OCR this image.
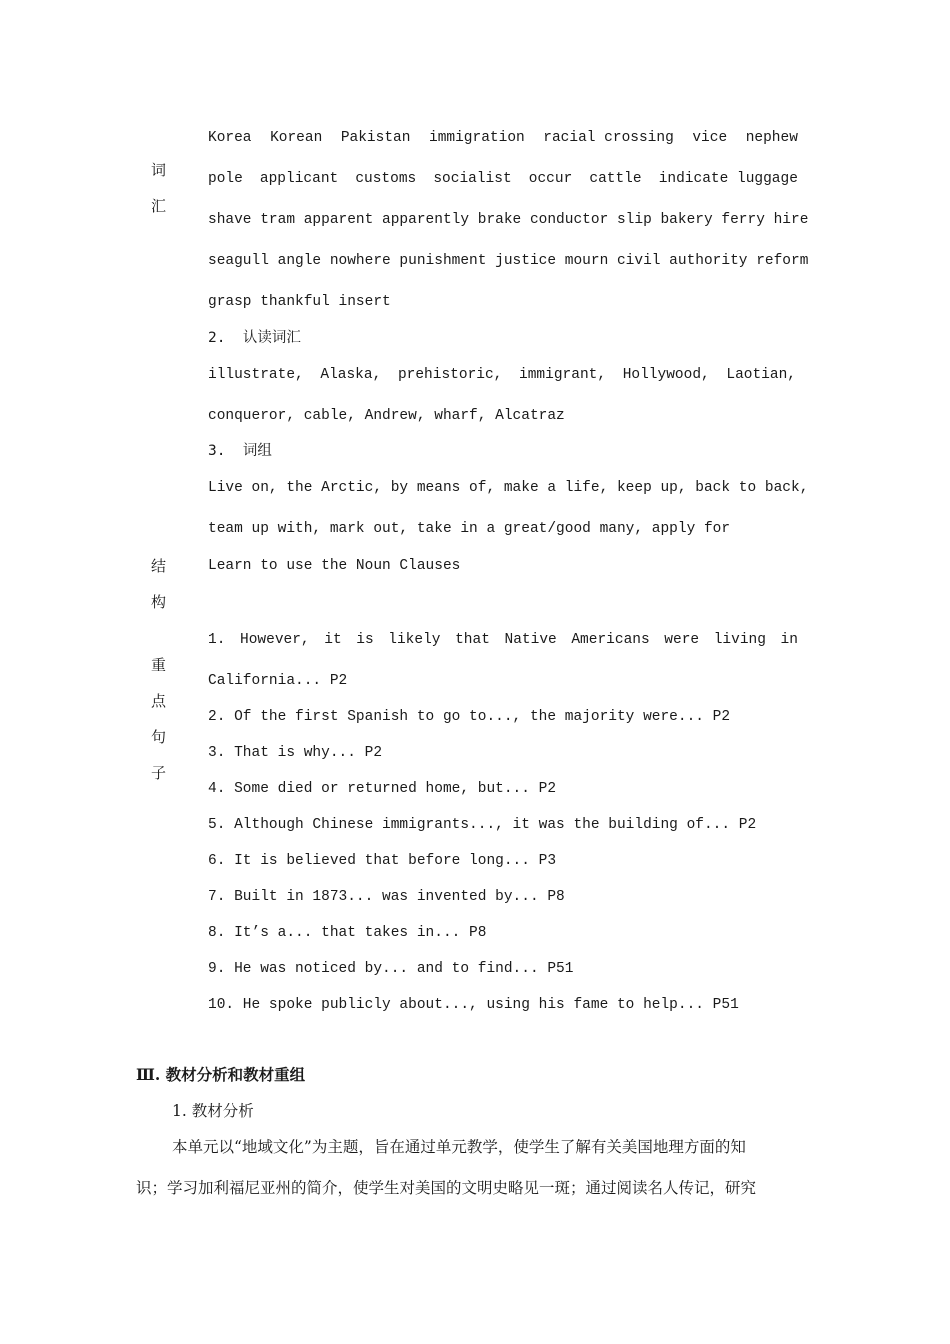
词
汇
结
构
重
点
句
子
Korea Korean Pakistan immigration racial crossing vice nephew
pole applicant customs socialist occur cattle indicate luggage
shave tram apparent apparently brake conductor slip bakery ferry hire
seagull angle nowhere punishment justice mourn civil authority reform
grasp thankful insert
2.  认读词汇
illustrate, Alaska, prehistoric, immigrant, Hollywood, Laotian,
conqueror, cable, Andrew, wharf, Alcatraz
3.  词组
Live on, the Arctic, by means of, make a life, keep up, back to back,
team up with, mark out, take in a great/good many, apply for
Learn to use the Noun Clauses
1. However, it is likely that Native Americans were living in
California... P2
2. Of the first Spanish to go to..., the majority were... P2
3. That is why... P2
4. Some died or returned home, but... P2
5. Although Chinese immigrants..., it was the building of... P2
6. It is believed that before long... P3
7. Built in 1873... was invented by... P8
8. It’s a... that takes in... P8
9. He was noticed by... and to find... P51
10. He spoke publicly about..., using his fame to help... P51
Ⅲ. 教材分析和教材重组
1. 教材分析
本单元以“地域文化”为主题，旨在通过单元教学，使学生了解有关美国地理方面的知
识；学习加利福尼亚州的简介，使学生对美国的文明史略见一斑；通过阅读名人传记，研究
